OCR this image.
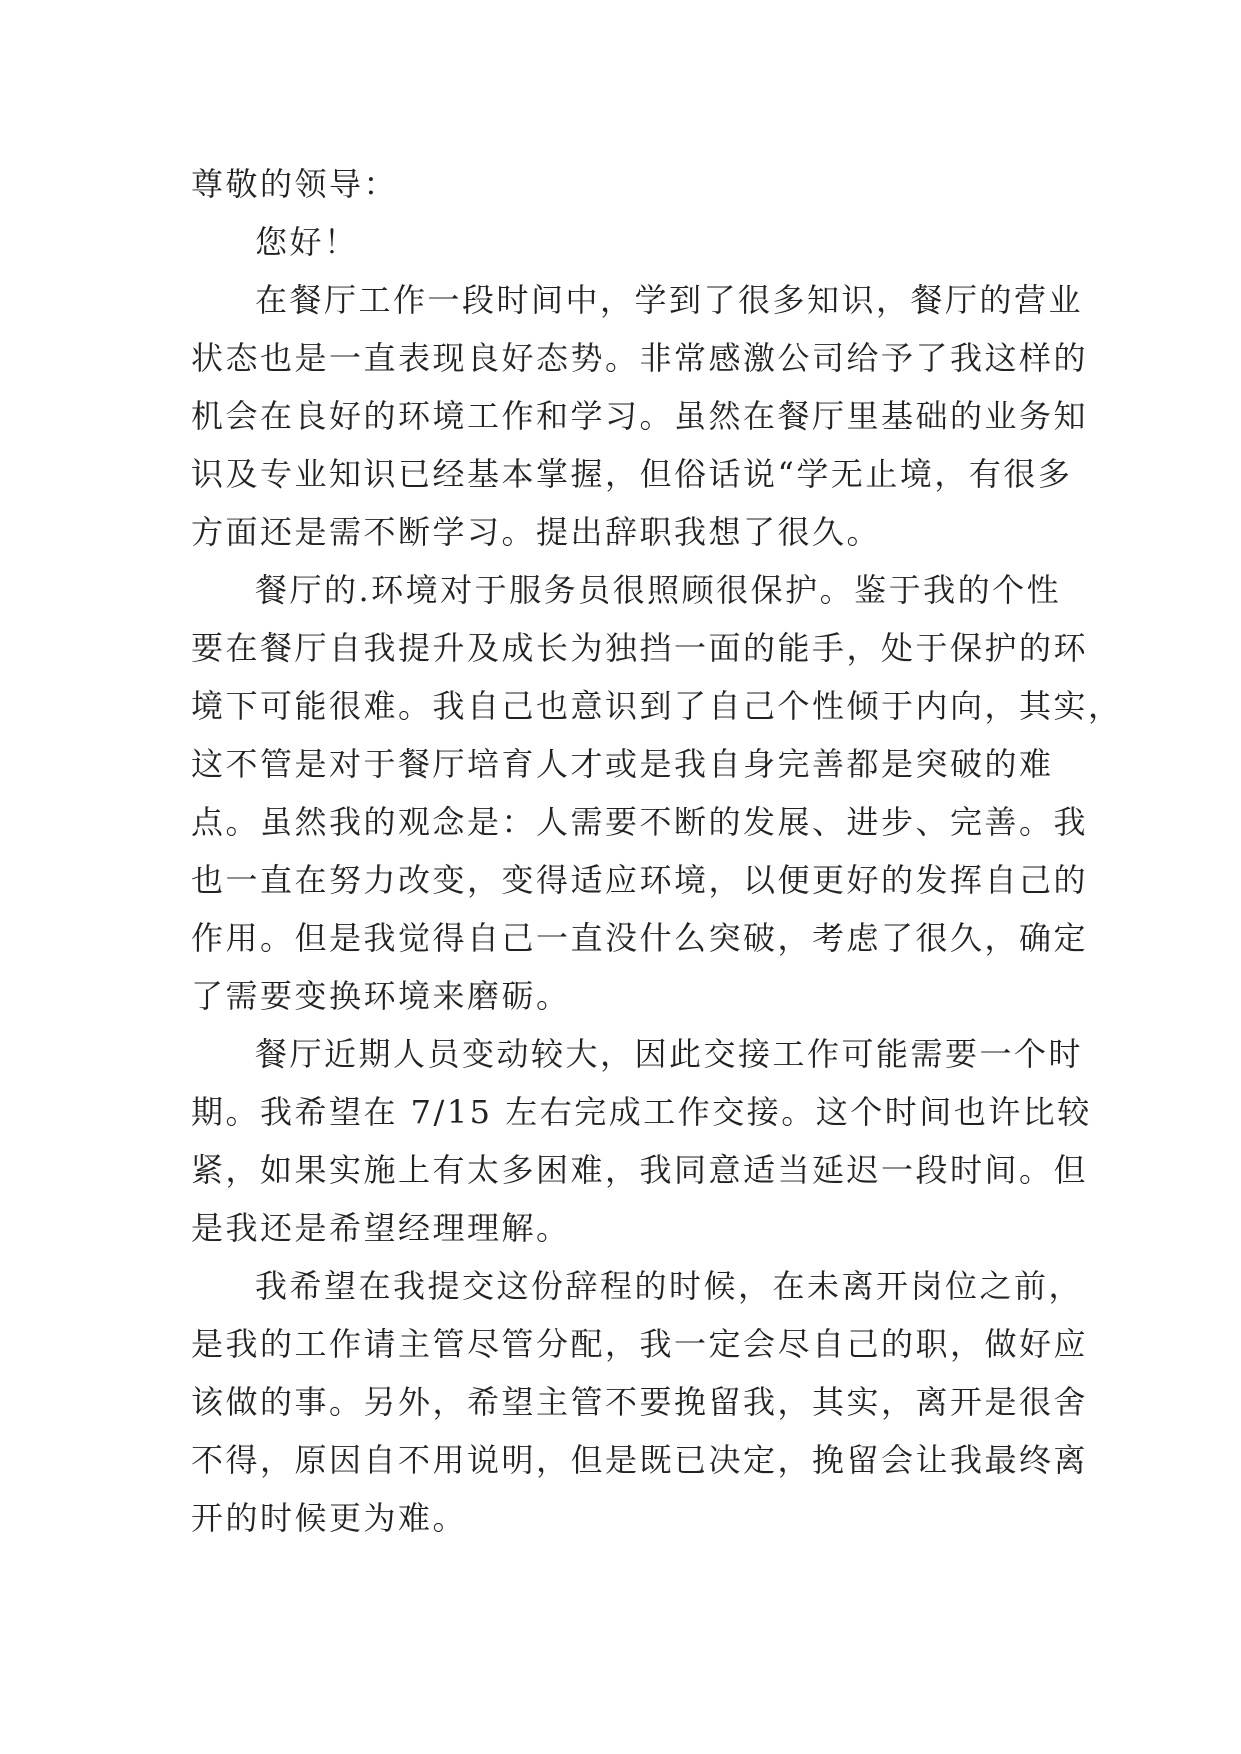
尊敬的领导：
您好！
在餐厅工作一段时间中，学到了很多知识，餐厅的营业
状态也是一直表现良好态势。非常感激公司给予了我这样的
机会在良好的环境工作和学习。虽然在餐厅里基础的业务知
识及专业知识已经基本掌握，但俗话说“学无止境，有很多
方面还是需不断学习。提出辞职我想了很久。
餐厅的.环境对于服务员很照顾很保护。鉴于我的个性
要在餐厅自我提升及成长为独挡一面的能手，处于保护的环
境下可能很难。我自己也意识到了自己个性倾于内向，其实，
这不管是对于餐厅培育人才或是我自身完善都是突破的难
点。虽然我的观念是：人需要不断的发展、进步、完善。我
也一直在努力改变，变得适应环境，以便更好的发挥自己的
作用。但是我觉得自己一直没什么突破，考虑了很久，确定
了需要变换环境来磨砺。
餐厅近期人员变动较大，因此交接工作可能需要一个时
期。我希望在 7/15 左右完成工作交接。这个时间也许比较
紧，如果实施上有太多困难，我同意适当延迟一段时间。但
是我还是希望经理理解。
我希望在我提交这份辞程的时候，在未离开岗位之前，
是我的工作请主管尽管分配，我一定会尽自己的职，做好应
该做的事。另外，希望主管不要挽留我，其实，离开是很舍
不得，原因自不用说明，但是既已决定，挽留会让我最终离
开的时候更为难。
